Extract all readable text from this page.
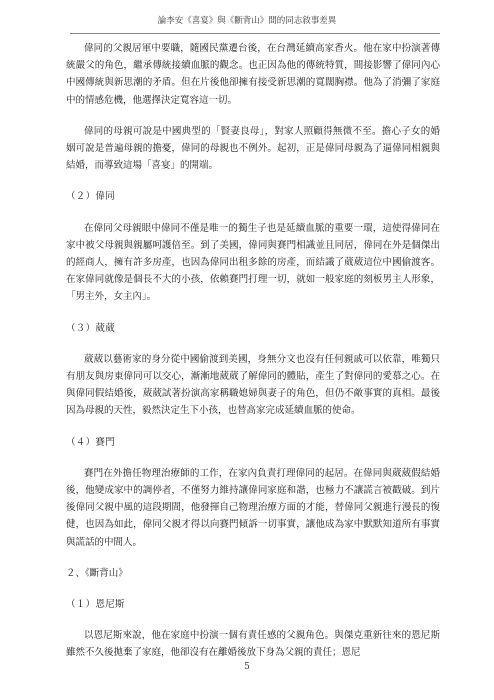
論李安《喜宴》與《斷背山》間的同志敘事差異

偉同的父親居軍中要職，隨國民黨遷台後，在台灣延續高家香火。他在家中扮演著傳統嚴父的角色，繼承傳統接續血脈的觀念。也正因為他的傳統特質，間接影響了偉同內心中國傳統與新思潮的矛盾。但在片後他卻擁有接受新思潮的寬闊胸襟。他為了消彌了家庭中的情感危機，他選擇決定寬容這一切。

偉同的母親可說是中國典型的「賢妻良母」，對家人照顧得無微不至。擔心子女的婚姻可說是普遍母親的擔憂，偉同的母親也不例外。起初，正是偉同母親為了逼偉同相親與結婚，而導致這場「喜宴」的開端。

（２）偉同

在偉同父母親眼中偉同不僅是唯一的獨生子也是延續血脈的重要一環，這使得偉同在家中被父母親與親屬呵護倍至。到了美國，偉同與賽門相識並且同居，偉同在外是個傑出的經商人，擁有許多房產，也因為偉同出租多餘的房產，而結識了葳葳這位中國偷渡客。在家偉同就像是個長不大的小孩，依賴賽門打理一切，就如一般家庭的刻板男主人形象，「男主外，女主內」。

（３）葳葳

葳葳以藝術家的身分從中國偷渡到美國，身無分文也沒有任何親戚可以依靠，唯獨只有朋友與房東偉同可以交心，漸漸地葳葳了解偉同的體貼，產生了對偉同的愛慕之心。在與偉同假結婚後，葳葳試著扮演高家稱職媳婦與妻子的角色，但仍不敵事實的真相。最後因為母親的天性，毅然決定生下小孩，也替高家完成延續血脈的使命。

（４）賽門

賽門在外擔任物理治療師的工作，在家內負責打理偉同的起居。在偉同與葳葳假結婚後，他變成家中的調停者，不僅努力維持讓偉同家庭和諧，也極力不讓謊言被戳破。到片後偉同父親中風的這段期間，他發揮自己物理治療方面的才能，替偉同父親進行漫長的復健，也因為如此，偉同父親才得以向賽門傾訴一切事實，讓他成為家中默默知道所有事實與謊話的中間人。

２、《斷背山》
（１）恩尼斯

以恩尼斯來說，他在家庭中扮演一個有責任感的父親角色。與傑克重新往來的恩尼斯雖然不久後拋棄了家庭，他卻沒有在離婚後放下身為父親的責任；恩尼

5
